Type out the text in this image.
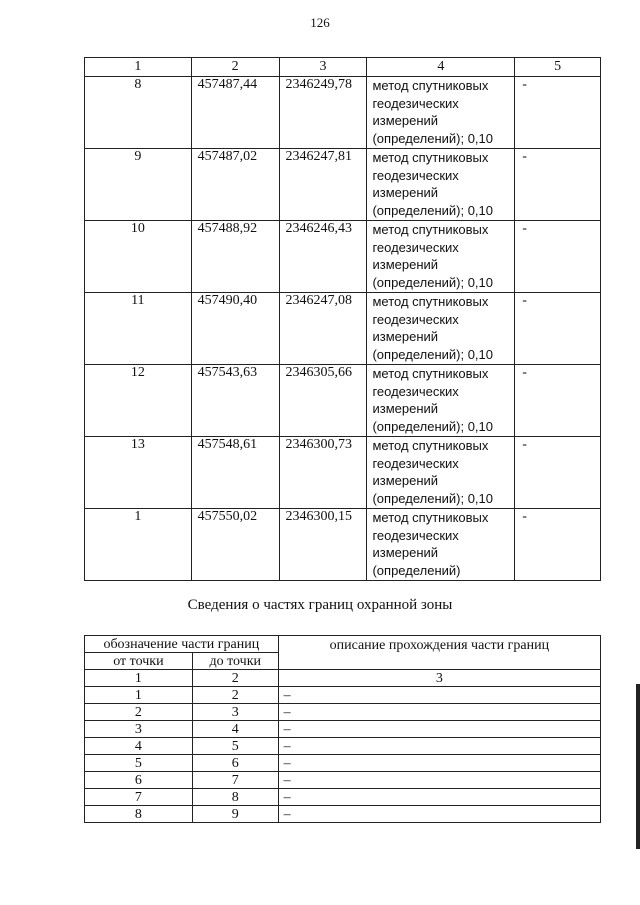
126
1	2	3	4	5
8	457487,44	2346249,78	метод спутниковых
геодезических
измерений
(определений); 0,10	-
9	457487,02	2346247,81	метод спутниковых
геодезических
измерений
(определений); 0,10	-
10	457488,92	2346246,43	метод спутниковых
геодезических
измерений
(определений); 0,10	-
11	457490,40	2346247,08	метод спутниковых
геодезических
измерений
(определений); 0,10	-
12	457543,63	2346305,66	метод спутниковых
геодезических
измерений
(определений); 0,10	-
13	457548,61	2346300,73	метод спутниковых
геодезических
измерений
(определений); 0,10	-
1	457550,02	2346300,15	метод спутниковых
геодезических
измерений
(определений)	-
Сведения о частях границ охранной зоны
обозначение части границ		описание прохождения части границ
от точки	до точки	
1	2	3
1	2	–
2	3	–
3	4	–
4	5	–
5	6	–
6	7	–
7	8	–
8	9	–
